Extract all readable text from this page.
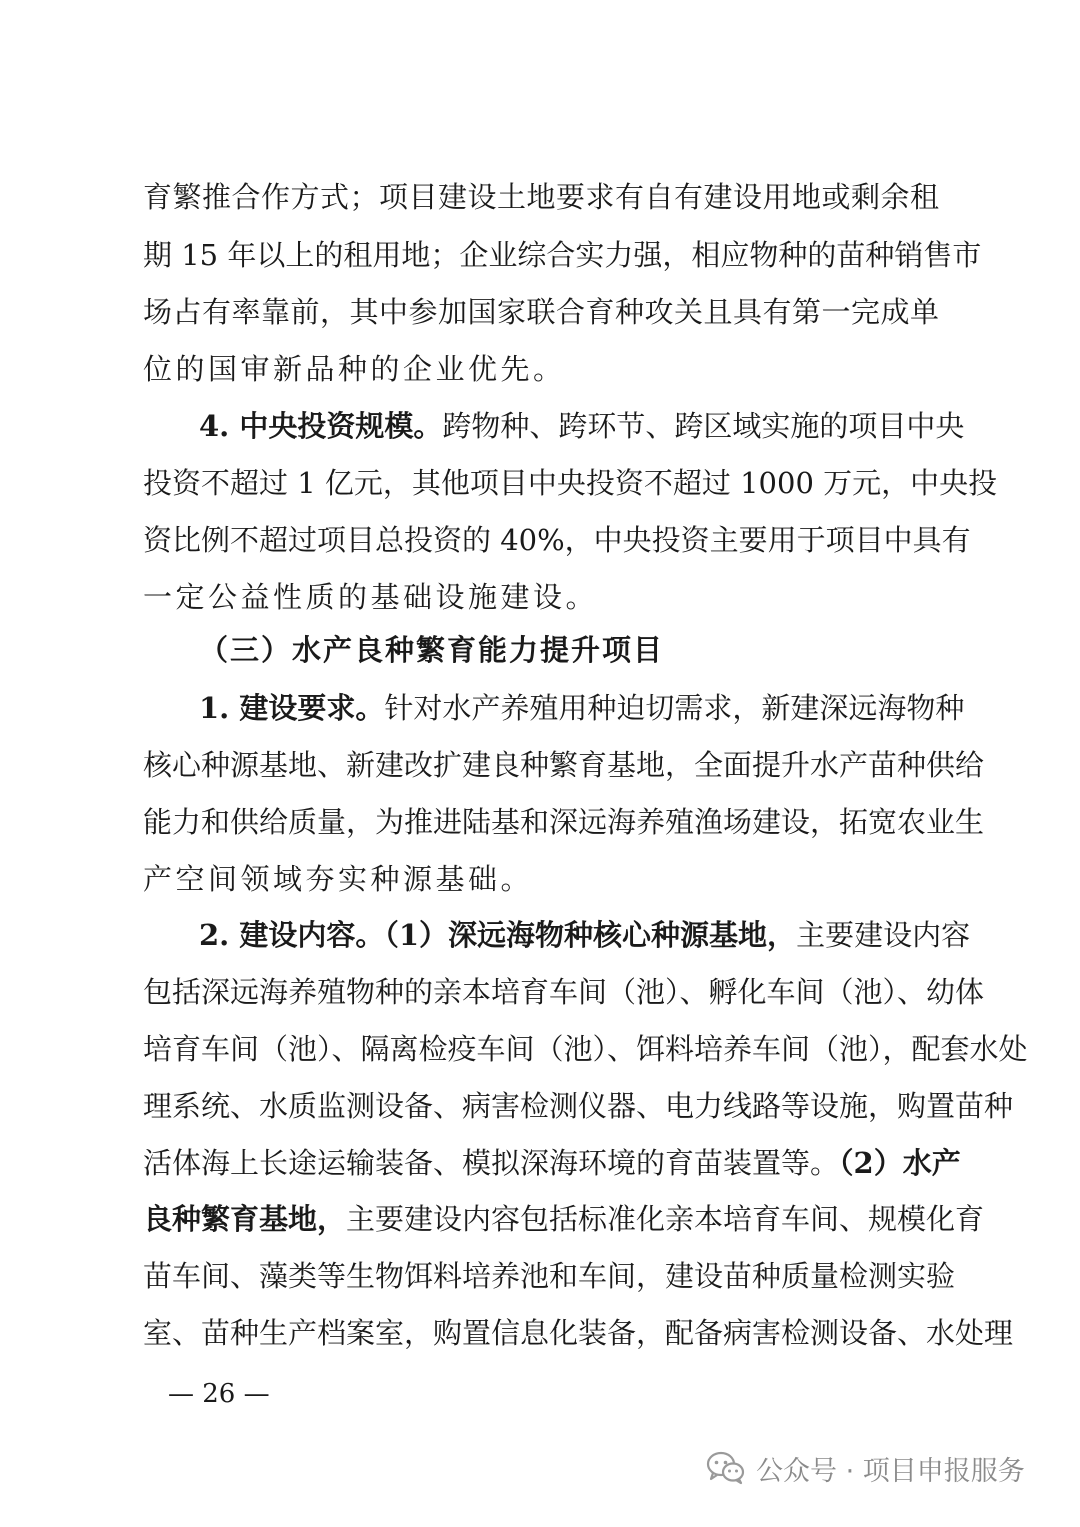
育繁推合作方式；项目建设土地要求有自有建设用地或剩余租
期 15 年以上的租用地；企业综合实力强，相应物种的苗种销售市
场占有率靠前，其中参加国家联合育种攻关且具有第一完成单
位的国审新品种的企业优先。
4. 中央投资规模。跨物种、跨环节、跨区域实施的项目中央
投资不超过 1 亿元，其他项目中央投资不超过 1000 万元，中央投
资比例不超过项目总投资的 40%，中央投资主要用于项目中具有
一定公益性质的基础设施建设。
（三）水产良种繁育能力提升项目
1. 建设要求。针对水产养殖用种迫切需求，新建深远海物种
核心种源基地、新建改扩建良种繁育基地，全面提升水产苗种供给
能力和供给质量，为推进陆基和深远海养殖渔场建设，拓宽农业生
产空间领域夯实种源基础。
2. 建设内容。（1）深远海物种核心种源基地，主要建设内容
包括深远海养殖物种的亲本培育车间（池）、孵化车间（池）、幼体
培育车间（池）、隔离检疫车间（池）、饵料培养车间（池），配套水处
理系统、水质监测设备、病害检测仪器、电力线路等设施，购置苗种
活体海上长途运输装备、模拟深海环境的育苗装置等。（2）水产
良种繁育基地，主要建设内容包括标准化亲本培育车间、规模化育
苗车间、藻类等生物饵料培养池和车间，建设苗种质量检测实验
室、苗种生产档案室，购置信息化装备，配备病害检测设备、水处理
— 26 —
公众号 · 项目申报服务
